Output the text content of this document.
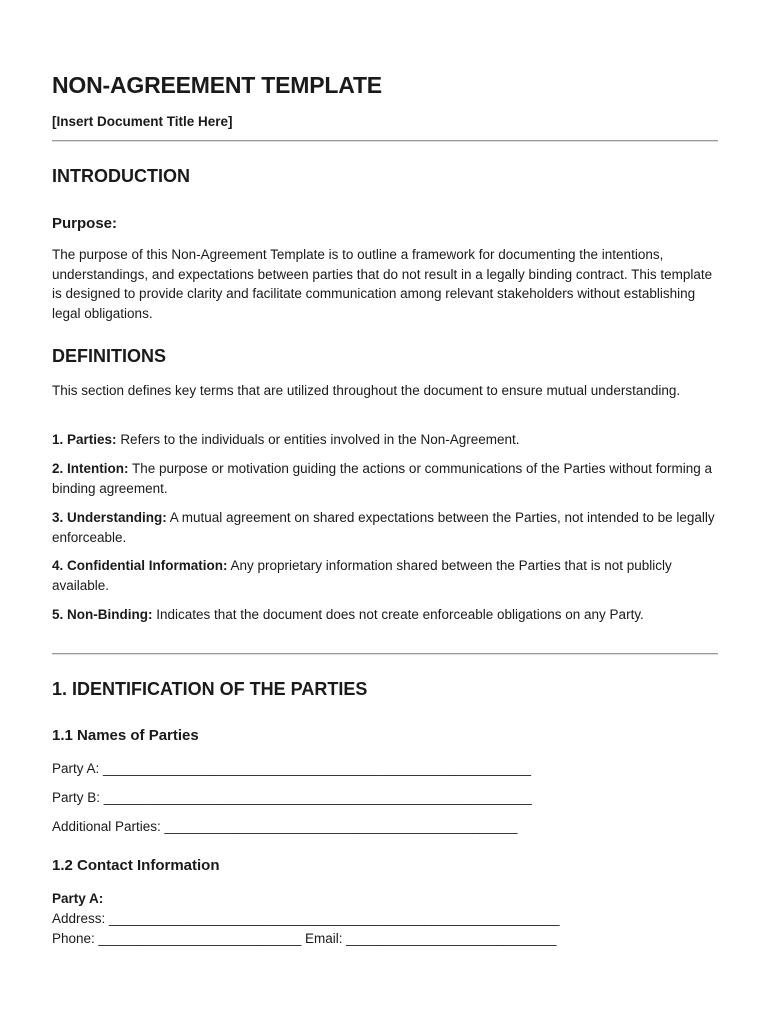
NON-AGREEMENT TEMPLATE
[Insert Document Title Here]
INTRODUCTION
Purpose:

The purpose of this Non-Agreement Template is to outline a framework for documenting the intentions, understandings, and expectations between parties that do not result in a legally binding contract. This template is designed to provide clarity and facilitate communication among relevant stakeholders without establishing legal obligations.

DEFINITIONS

This section defines key terms that are utilized throughout the document to ensure mutual understanding.

1. Parties: Refers to the individuals or entities involved in the Non-Agreement.
2. Intention: The purpose or motivation guiding the actions or communications of the Parties without forming a binding agreement.
3. Understanding: A mutual agreement on shared expectations between the Parties, not intended to be legally enforceable.
4. Confidential Information: Any proprietary information shared between the Parties that is not publicly available.
5. Non-Binding: Indicates that the document does not create enforceable obligations on any Party.
1. IDENTIFICATION OF THE PARTIES
1.1 Names of Parties
Party A: _________________________________________________________
Party B: _________________________________________________________
Additional Parties: _______________________________________________
1.2 Contact Information
Party A:
Address: ____________________________________________________________
Phone: ___________________________ Email: ____________________________
